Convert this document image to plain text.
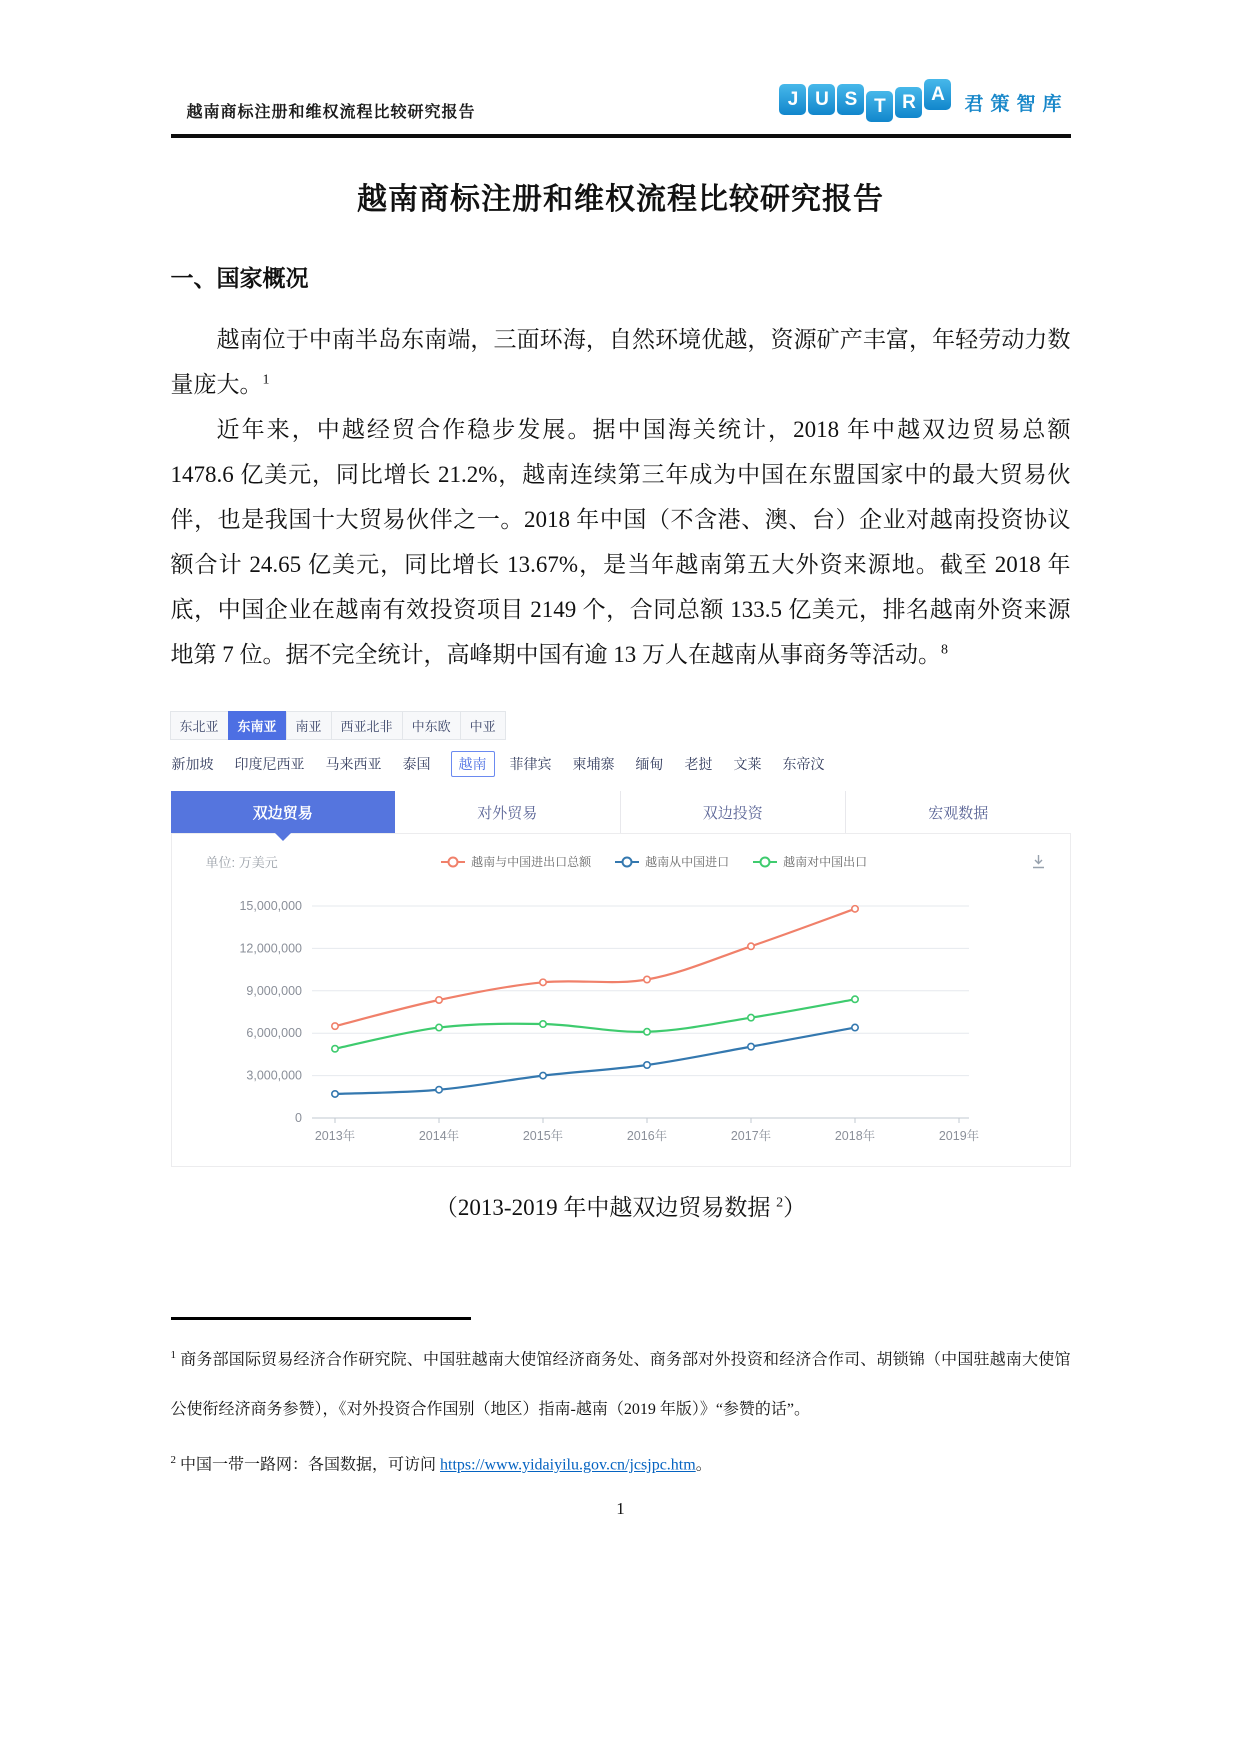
越南商标注册和维权流程比较研究报告
J U S T R A	君策智库
越南商标注册和维权流程比较研究报告
一、国家概况

越南位于中南半岛东南端，三面环海，自然环境优越，资源矿产丰富，年轻劳动力数量庞大。$^1$

近年来，中越经贸合作稳步发展。据中国海关统计，2018 年中越双边贸易总额 1478.6 亿美元，同比增长 21.2%，越南连续第三年成为中国在东盟国家中的最大贸易伙伴，也是我国十大贸易伙伴之一。2018 年中国（不含港、澳、台）企业对越南投资协议额合计 24.65 亿美元，同比增长 13.67%，是当年越南第五大外资来源地。截至 2018 年底，中国企业在越南有效投资项目 2149 个，合同总额 133.5 亿美元，排名越南外资来源地第 7 位。据不完全统计，高峰期中国有逾 13 万人在越南从事商务等活动。$^8$

东北亚	东南亚	南亚	西亚北非	中东欧	中亚
新加坡 印度尼西亚 马来西亚 泰国	越南	菲律宾 柬埔寨 缅甸 老挝 文莱 东帝汶
双边贸易	对外贸易	双边投资	宏观数据
单位: 万美元	越南与中国进出口总额	越南从中国进口	越南对中国出口
0
3,000,000
6,000,000
9,000,000
12,000,000
15,000,000
2013年	2014年	2015年	2016年	2017年	2018年	2019年
（2013-2019 年中越双边贸易数据 $^2$）

$^1$ 商务部国际贸易经济合作研究院、中国驻越南大使馆经济商务处、商务部对外投资和经济合作司、胡锁锦（中国驻越南大使馆公使衔经济商务参赞），《对外投资合作国别（地区）指南-越南（2019 年版）》“参赞的话”。

$^2$ 中国一带一路网：各国数据，可访问 https://www.yidaiyilu.gov.cn/jcsjpc.htm。

1
